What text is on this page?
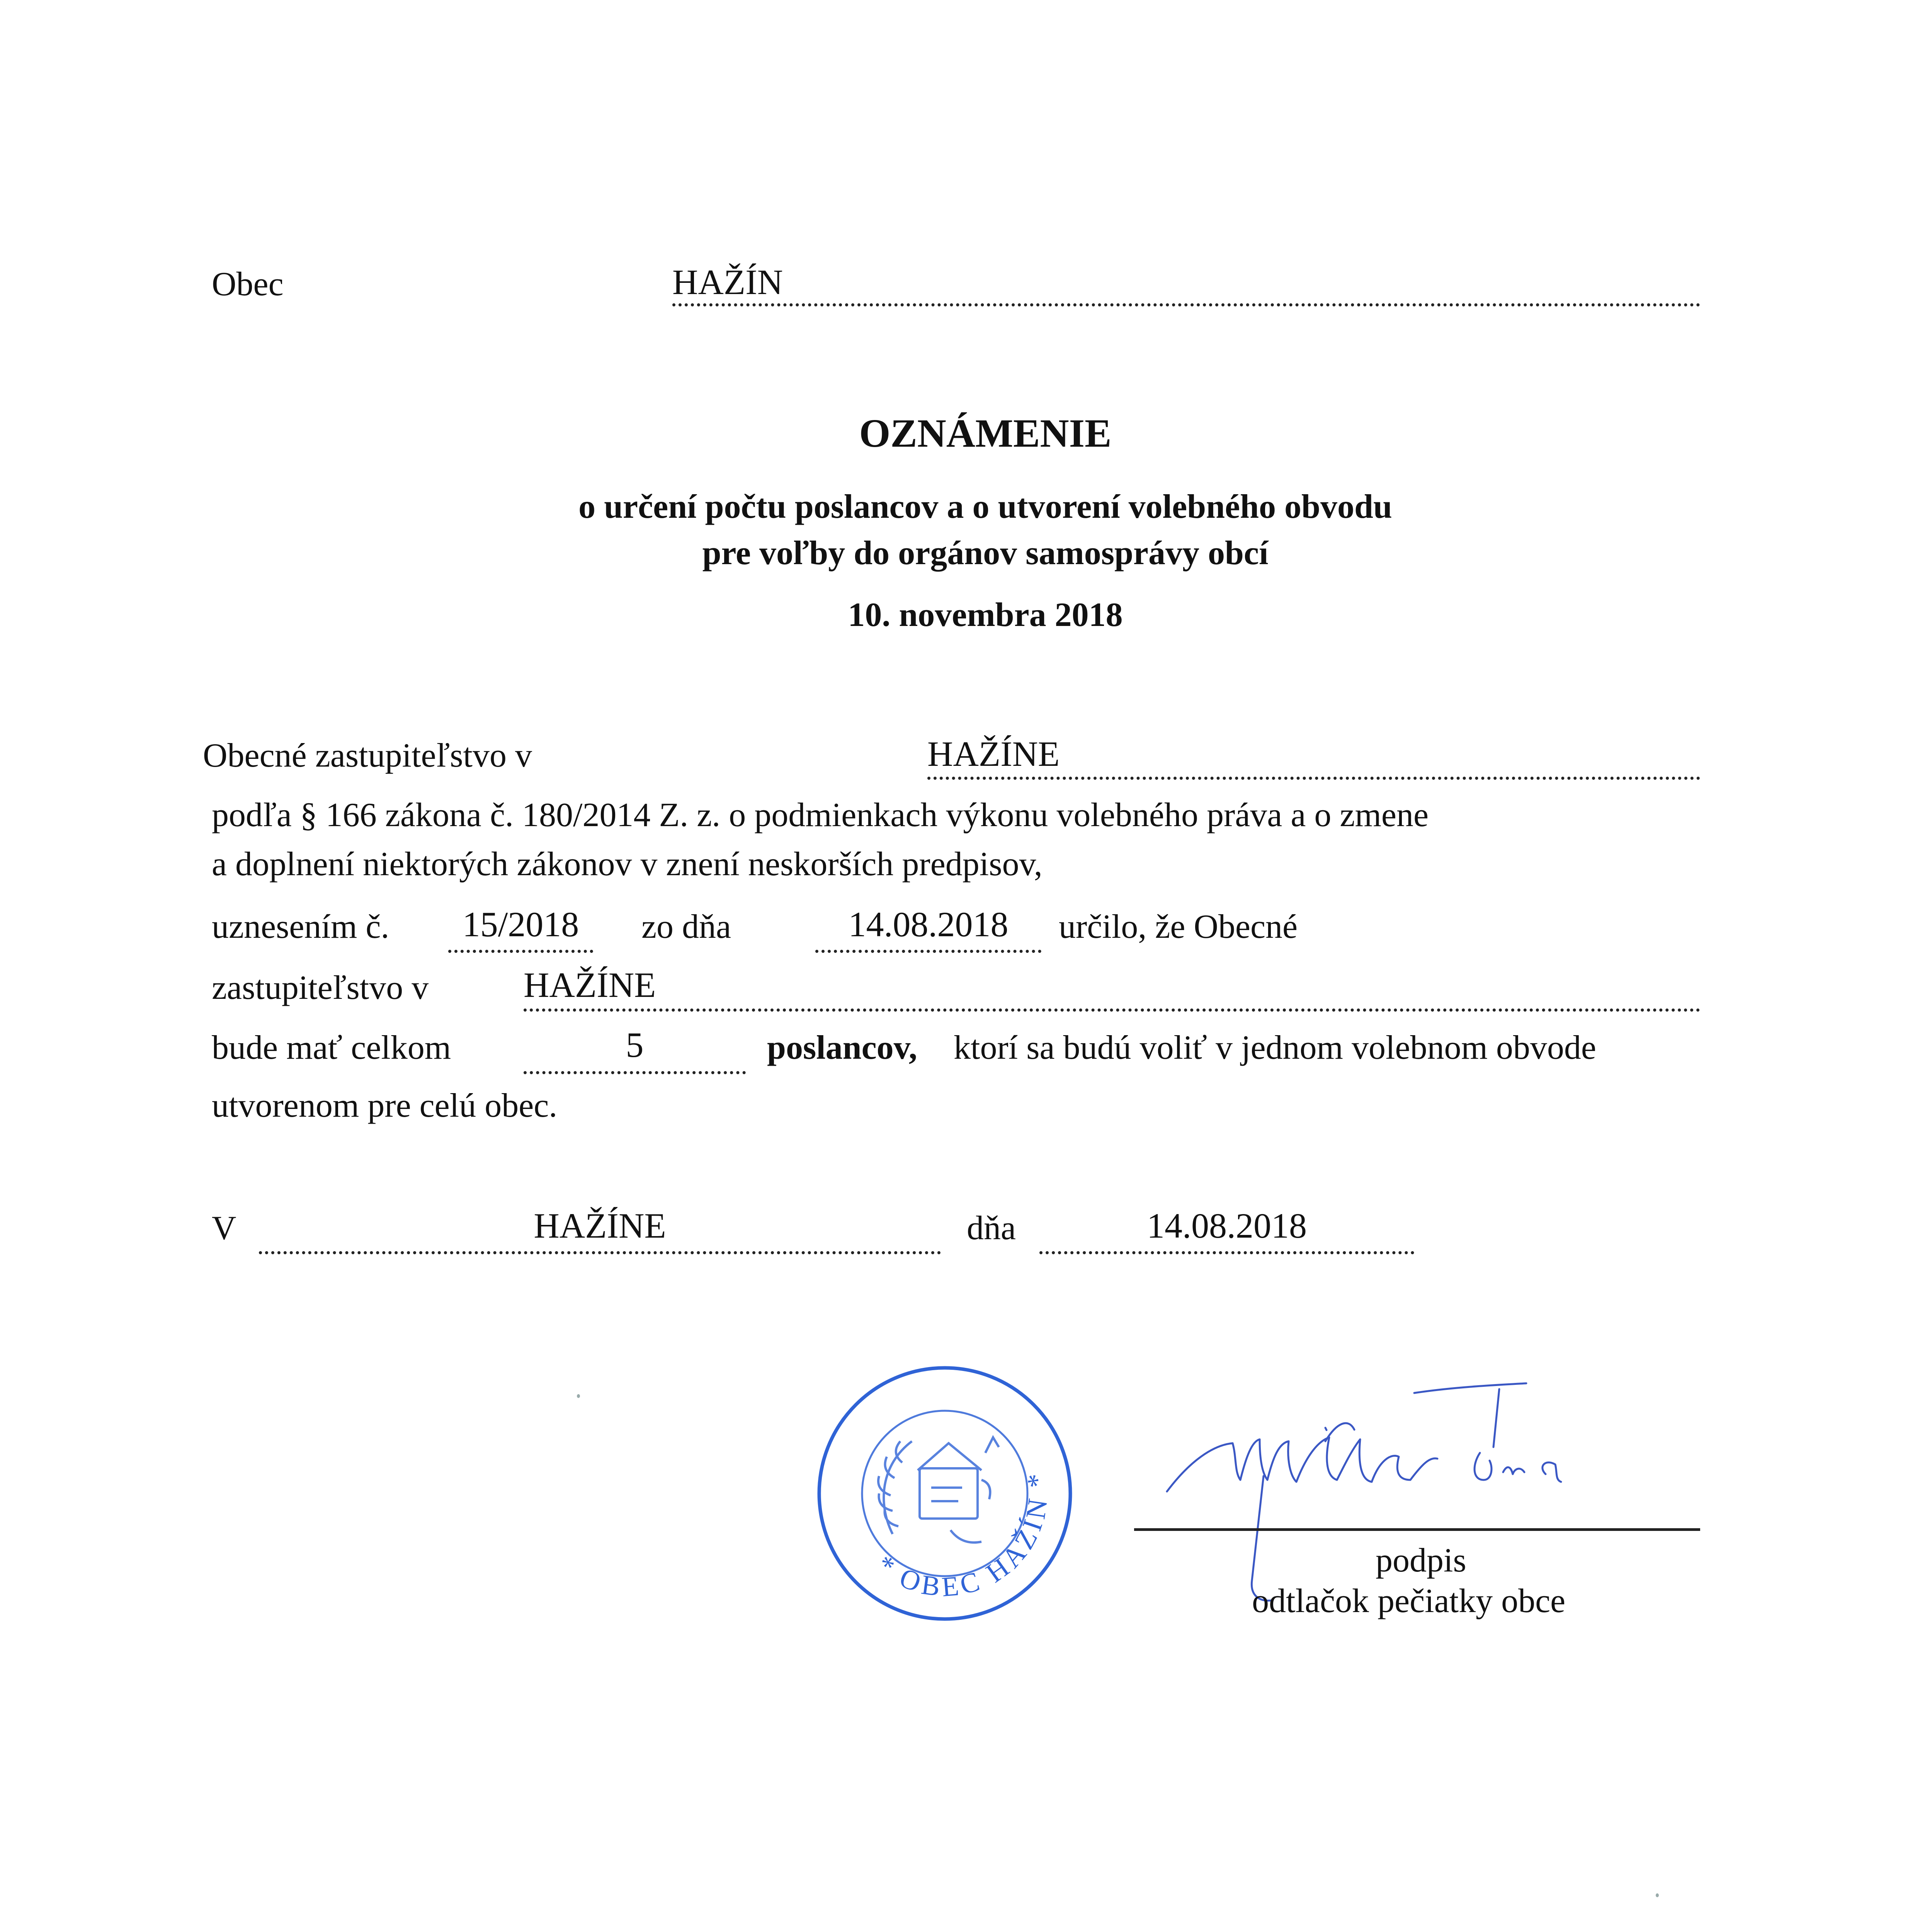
Obec	HAŽÍN
OZNÁMENIE
o určení počtu poslancov a o utvorení volebného obvodu
pre voľby do orgánov samosprávy obcí
10. novembra 2018
Obecné zastupiteľstvo v	HAŽÍNE
podľa § 166 zákona č. 180/2014 Z. z. o podmienkach výkonu volebného práva a o zmene
a doplnení niektorých zákonov v znení neskorších predpisov,
uznesením č.	15/2018	zo dňa	14.08.2018	určilo, že Obecné
zastupiteľstvo v	HAŽÍNE
bude mať celkom	5	poslancov, ktorí sa budú voliť v jednom volebnom obvode
utvorenom pre celú obec.
V	HAŽÍNE	dňa	14.08.2018
* OBEC HAŽÍN *
podpis
odtlačok pečiatky obce
